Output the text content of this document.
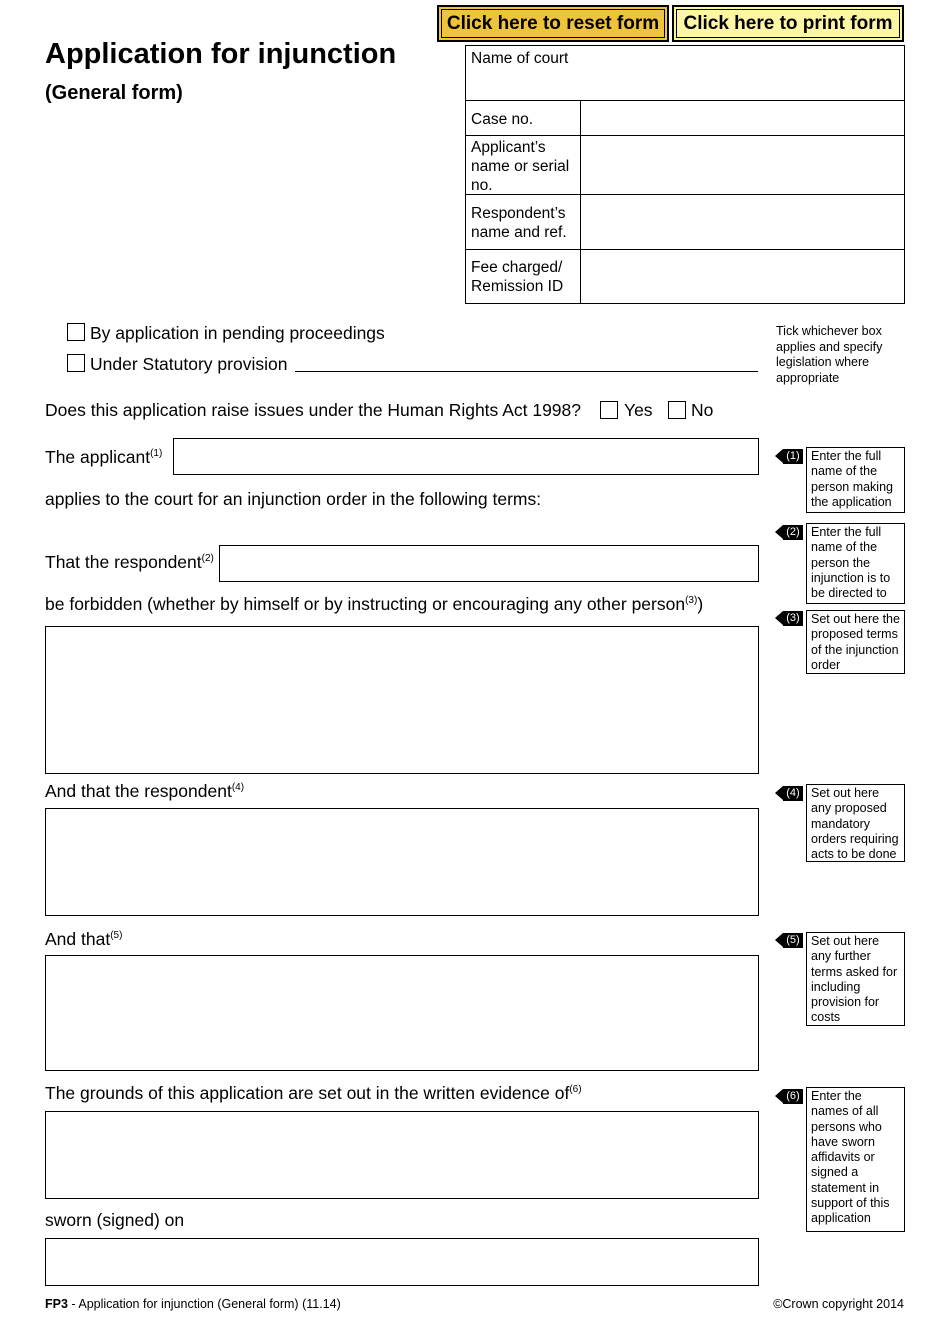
Click here to reset form Click here to print form
Application for injunction
(General form)
Name of court
Case no.
Applicant’s name or serial no.
Respondent’s name and ref.
Fee charged/ Remission ID
By application in pending proceedings
Under Statutory provision
Tick whichever box applies and specify legislation where appropriate
Does this application raise issues under the Human Rights Act 1998? Yes No
The applicant$^{(1)}$
applies to the court for an injunction order in the following terms:
That the respondent$^{(2)}$
be forbidden (whether by himself or by instructing or encouraging any other person$^{(3)}$)
And that the respondent$^{(4)}$
And that$^{(5)}$
The grounds of this application are set out in the written evidence $of^{(6)}$
sworn (signed) on
(1) Enter the full name of the person making the application
(2) Enter the full name of the person the injunction is to be directed to
(3) Set out here the proposed terms of the injunction order
(4) Set out here any proposed mandatory orders requiring acts to be done
(5) Set out here any further terms asked for including provision for costs
(6) Enter the names of all persons who have sworn affidavits or signed a statement in support of this application
FP3 - Application for injunction (General form) (11.14)	©Crown copyright 2014
